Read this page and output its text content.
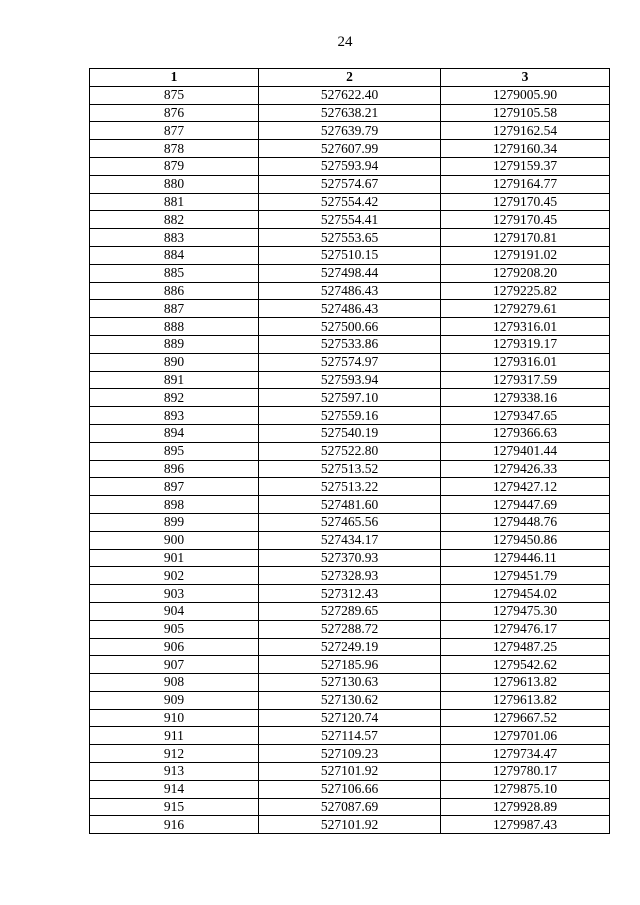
24
1	2	3
875	527622.40	1279005.90
876	527638.21	1279105.58
877	527639.79	1279162.54
878	527607.99	1279160.34
879	527593.94	1279159.37
880	527574.67	1279164.77
881	527554.42	1279170.45
882	527554.41	1279170.45
883	527553.65	1279170.81
884	527510.15	1279191.02
885	527498.44	1279208.20
886	527486.43	1279225.82
887	527486.43	1279279.61
888	527500.66	1279316.01
889	527533.86	1279319.17
890	527574.97	1279316.01
891	527593.94	1279317.59
892	527597.10	1279338.16
893	527559.16	1279347.65
894	527540.19	1279366.63
895	527522.80	1279401.44
896	527513.52	1279426.33
897	527513.22	1279427.12
898	527481.60	1279447.69
899	527465.56	1279448.76
900	527434.17	1279450.86
901	527370.93	1279446.11
902	527328.93	1279451.79
903	527312.43	1279454.02
904	527289.65	1279475.30
905	527288.72	1279476.17
906	527249.19	1279487.25
907	527185.96	1279542.62
908	527130.63	1279613.82
909	527130.62	1279613.82
910	527120.74	1279667.52
911	527114.57	1279701.06
912	527109.23	1279734.47
913	527101.92	1279780.17
914	527106.66	1279875.10
915	527087.69	1279928.89
916	527101.92	1279987.43
